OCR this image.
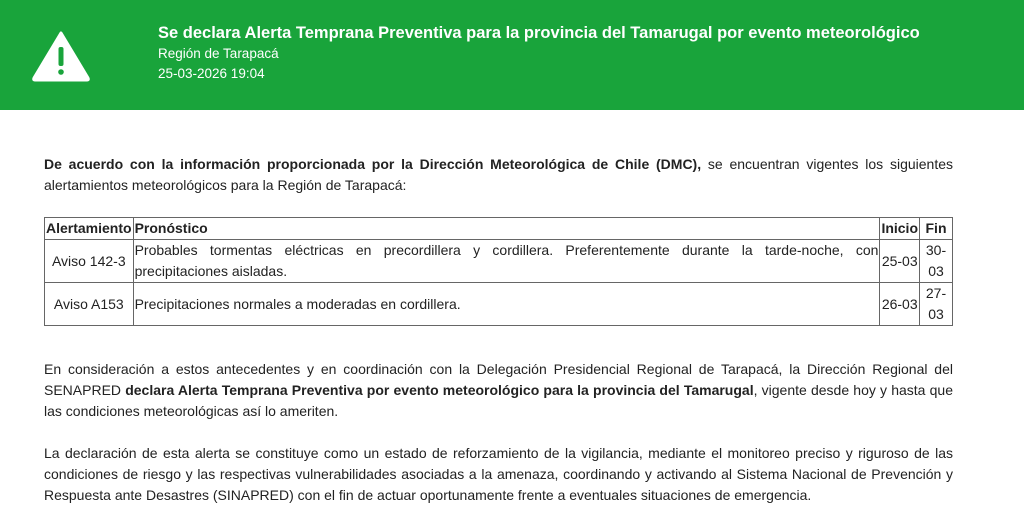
Se declara Alerta Temprana Preventiva para la provincia del Tamarugal por evento meteorológico
Región de Tarapacá
25-03-2026 19:04

De acuerdo con la información proporcionada por la Dirección Meteorológica de Chile (DMC), se encuentran vigentes los siguientes alertamientos meteorológicos para la Región de Tarapacá:

Alertamiento	Pronóstico	Inicio	Fin
Aviso 142-3	Probables tormentas eléctricas en precordillera y cordillera. Preferentemente durante la tarde-noche, con precipitaciones aisladas.	25-03	30-03
Aviso A153	Precipitaciones normales a moderadas en cordillera.	26-03	27-03

En consideración a estos antecedentes y en coordinación con la Delegación Presidencial Regional de Tarapacá, la Dirección Regional del SENAPRED declara Alerta Temprana Preventiva por evento meteorológico para la provincia del Tamarugal, vigente desde hoy y hasta que las condiciones meteorológicas así lo ameriten.

La declaración de esta alerta se constituye como un estado de reforzamiento de la vigilancia, mediante el monitoreo preciso y riguroso de las condiciones de riesgo y las respectivas vulnerabilidades asociadas a la amenaza, coordinando y activando al Sistema Nacional de Prevención y Respuesta ante Desastres (SINAPRED) con el fin de actuar oportunamente frente a eventuales situaciones de emergencia.
